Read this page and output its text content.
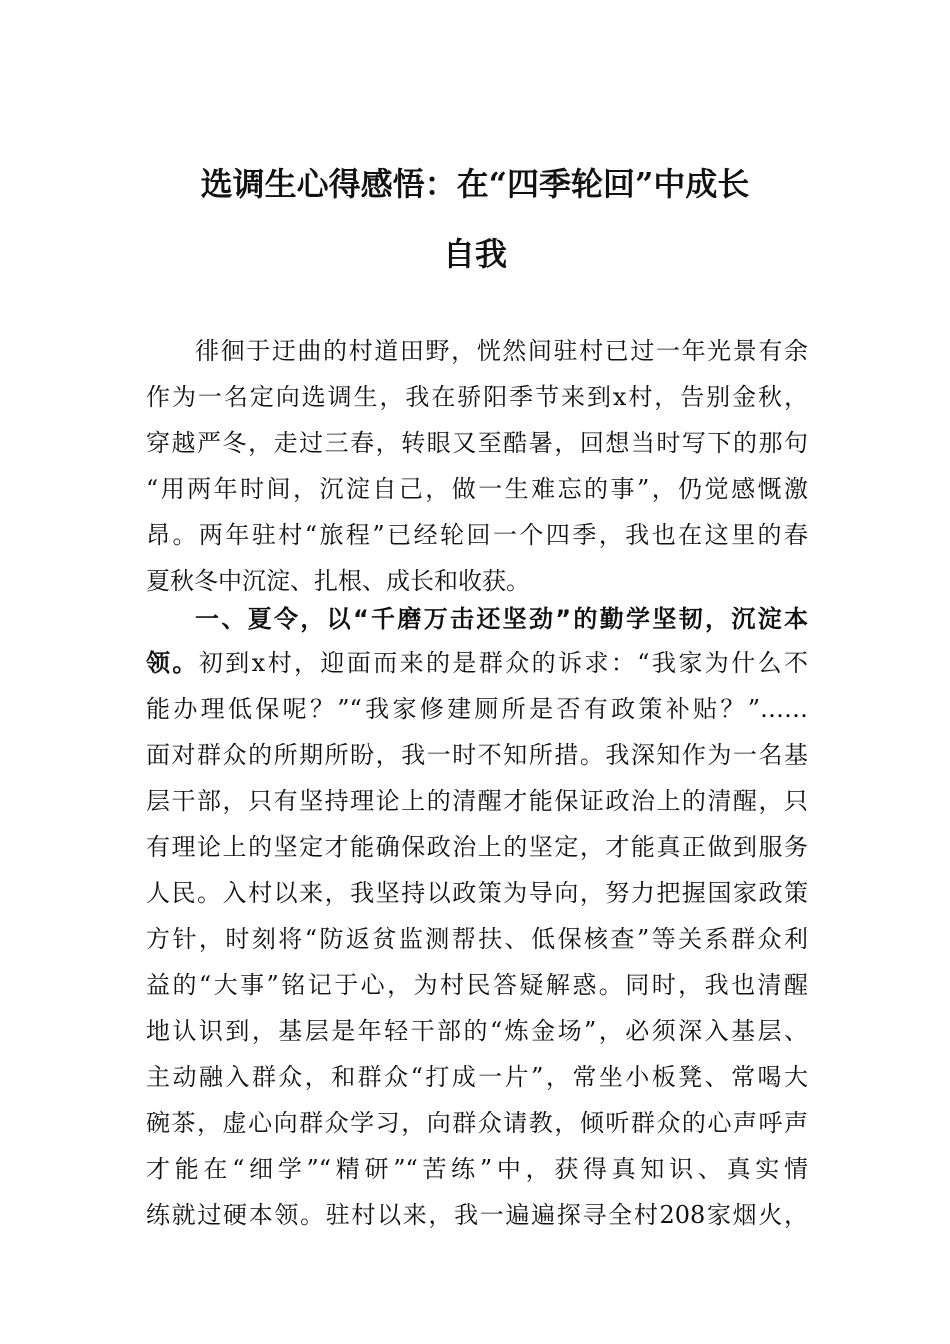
选调生心得感悟：在“四季轮回”中成长
自我
徘徊于迂曲的村道田野，恍然间驻村已过一年光景有余
作为一名定向选调生，我在骄阳季节来到x村，告别金秋，
穿越严冬，走过三春，转眼又至酷暑，回想当时写下的那句
“用两年时间，沉淀自己，做一生难忘的事”，仍觉感慨激
昂。两年驻村“旅程”已经轮回一个四季，我也在这里的春
夏秋冬中沉淀、扎根、成长和收获。
一、夏令，以“千磨万击还坚劲”的勤学坚韧，沉淀本
领。初到x村，迎面而来的是群众的诉求：“我家为什么不
能办理低保呢？”“我家修建厕所是否有政策补贴？”……
面对群众的所期所盼，我一时不知所措。我深知作为一名基
层干部，只有坚持理论上的清醒才能保证政治上的清醒，只
有理论上的坚定才能确保政治上的坚定，才能真正做到服务
人民。入村以来，我坚持以政策为导向，努力把握国家政策
方针，时刻将“防返贫监测帮扶、低保核查”等关系群众利
益的“大事”铭记于心，为村民答疑解惑。同时，我也清醒
地认识到，基层是年轻干部的“炼金场”，必须深入基层、
主动融入群众，和群众“打成一片”，常坐小板凳、常喝大
碗茶，虚心向群众学习，向群众请教，倾听群众的心声呼声
才能在“细学”“精研”“苦练”中，获得真知识、真实情
练就过硬本领。驻村以来，我一遍遍探寻全村208家烟火，
